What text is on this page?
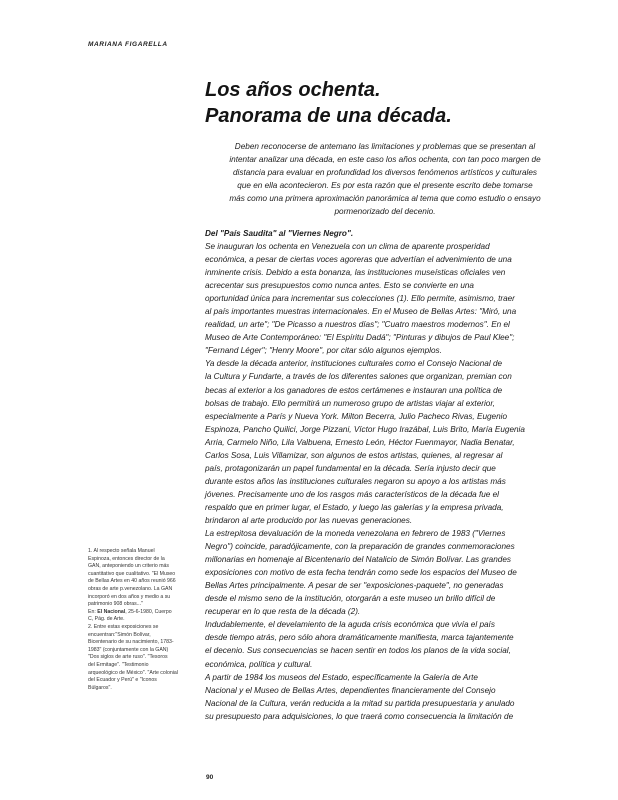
MARIANA FIGARELLA

Los años ochenta.
Panorama de una década.
Deben reconocerse de antemano las limitaciones y problemas que se presentan al
intentar analizar una década, en este caso los años ochenta, con tan poco margen de
distancia para evaluar en profundidad los diversos fenómenos artísticos y culturales
que en ella acontecieron. Es por esta razón que el presente escrito debe tomarse
más como una primera aproximación panorámica al tema que como estudio o ensayo
pormenorizado del decenio.
Del "País Saudita" al "Viernes Negro".
Se inauguran los ochenta en Venezuela con un clima de aparente prosperidad
económica, a pesar de ciertas voces agoreras que advertían el advenimiento de una
inminente crisis. Debido a esta bonanza, las instituciones museísticas oficiales ven
acrecentar sus presupuestos como nunca antes. Esto se convierte en una
oportunidad única para incrementar sus colecciones (1). Ello permite, asimismo, traer
al país importantes muestras internacionales. En el Museo de Bellas Artes: "Miró, una
realidad, un arte"; "De Picasso a nuestros días"; "Cuatro maestros modernos". En el
Museo de Arte Contemporáneo: "El Espíritu Dadá"; "Pinturas y dibujos de Paul Klee";
"Fernand Léger"; "Henry Moore", por citar sólo algunos ejemplos.
Ya desde la década anterior, instituciones culturales como el Consejo Nacional de
la Cultura y Fundarte, a través de los diferentes salones que organizan, premian con
becas al exterior a los ganadores de estos certámenes e instauran una política de
bolsas de trabajo. Ello permitirá un numeroso grupo de artistas viajar al exterior,
especialmente a París y Nueva York. Milton Becerra, Julio Pacheco Rivas, Eugenio
Espinoza, Pancho Quilici, Jorge Pizzani, Víctor Hugo Irazábal, Luis Brito, María Eugenia
Arria, Carmelo Niño, Lila Valbuena, Ernesto León, Héctor Fuenmayor, Nadia Benatar,
Carlos Sosa, Luis Villamizar, son algunos de estos artistas, quienes, al regresar al
país, protagonizarán un papel fundamental en la década. Sería injusto decir que
durante estos años las instituciones culturales negaron su apoyo a los artistas más
jóvenes. Precisamente uno de los rasgos más característicos de la década fue el
respaldo que en primer lugar, el Estado, y luego las galerías y la empresa privada,
brindaron al arte producido por las nuevas generaciones.
La estrepitosa devaluación de la moneda venezolana en febrero de 1983 ("Viernes
Negro") coincide, paradójicamente, con la preparación de grandes conmemoraciones
millonarias en homenaje al Bicentenario del Natalicio de Simón Bolívar. Las grandes
exposiciones con motivo de esta fecha tendrán como sede los espacios del Museo de
Bellas Artes principalmente. A pesar de ser "exposiciones-paquete", no generadas
desde el mismo seno de la institución, otorgarán a este museo un brillo difícil de
recuperar en lo que resta de la década (2).
Indudablemente, el develamiento de la aguda crisis económica que vivía el país
desde tiempo atrás, pero sólo ahora dramáticamente manifiesta, marca tajantemente
el decenio. Sus consecuencias se hacen sentir en todos los planos de la vida social,
económica, política y cultural.
A partir de 1984 los museos del Estado, específicamente la Galería de Arte
Nacional y el Museo de Bellas Artes, dependientes financieramente del Consejo
Nacional de la Cultura, verán reducida a la mitad su partida presupuestaria y anulado
su presupuesto para adquisiciones, lo que traerá como consecuencia la limitación de
1. Al respecto señala Manuel
Espinoza, entonces director de la
GAN, anteponiendo un criterio más
cuantitativo que cualitativo. "El Museo
de Bellas Artes en 40 años reunió 966
obras de arte p.venezolano. La GAN
incorporó en dos años y medio a su
patrimonio 908 obras..."
En: El Nacional, 25-6-1980, Cuerpo
C, Pág. de Arte.
2. Entre estas exposiciones se
encuentran:"Simón Bolívar,
Bicentenario de su nacimiento, 1783-
1983" (conjuntamente con la GAN)
"Dos siglos de arte ruso". "Tesoros
del Ermitage". "Testimonio
arqueológico de México". "Arte colonial
del Ecuador y Perú" e "Iconos
Búlgaros".

90
